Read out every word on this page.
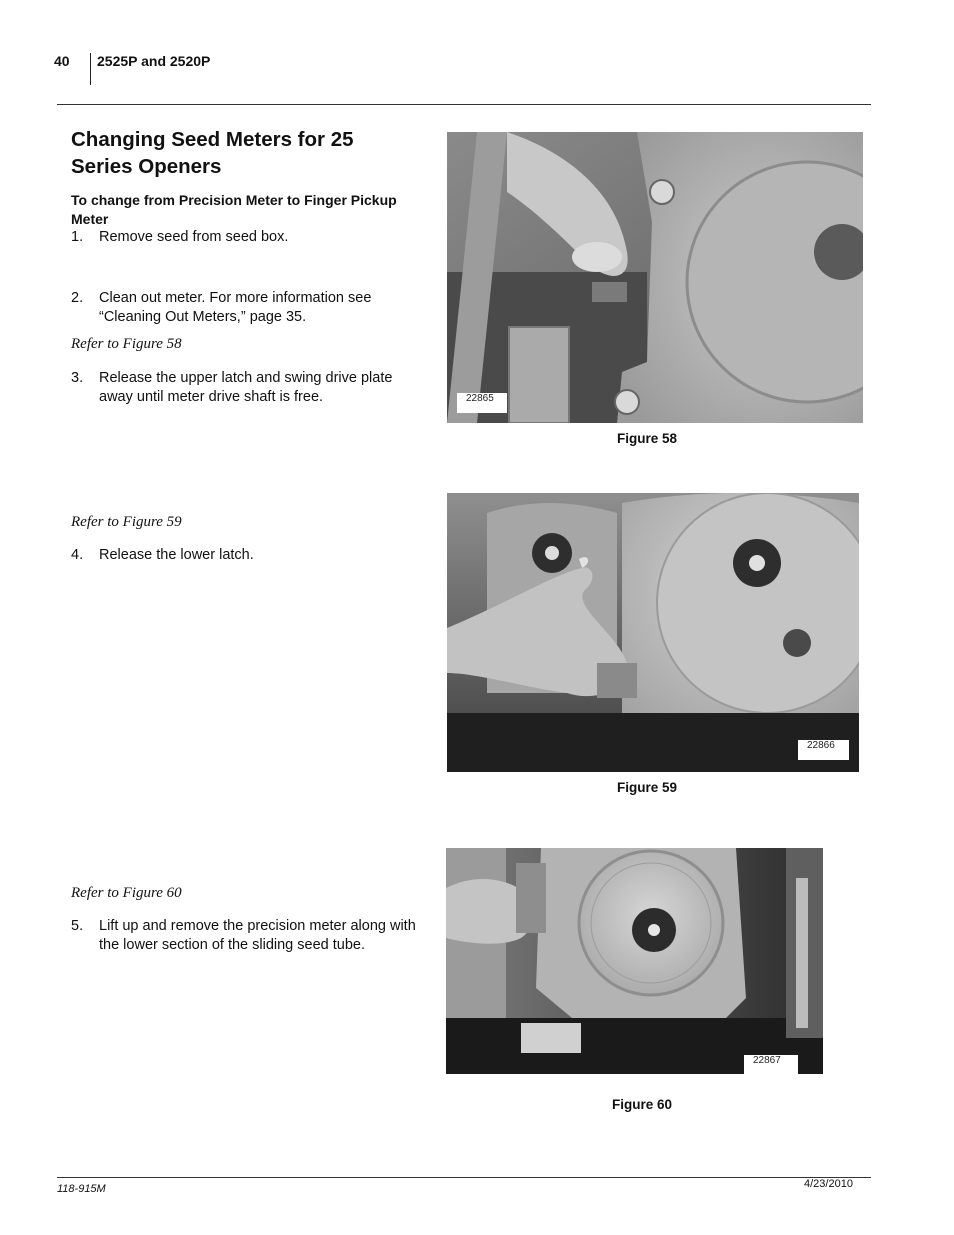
40 2525P and 2520P
Changing Seed Meters for 25 Series Openers
To change from Precision Meter to Finger Pickup Meter
1. Remove seed from seed box.
2. Clean out meter. For more information see “Cleaning Out Meters,” page 35.
Refer to Figure 58
3. Release the upper latch and swing drive plate away until meter drive shaft is free.
Refer to Figure 59
4. Release the lower latch.
Refer to Figure 60
5. Lift up and remove the precision meter along with the lower section of the sliding seed tube.
22865
Figure 58
22866
Figure 59
22867
Figure 60
118-915M	4/23/2010
